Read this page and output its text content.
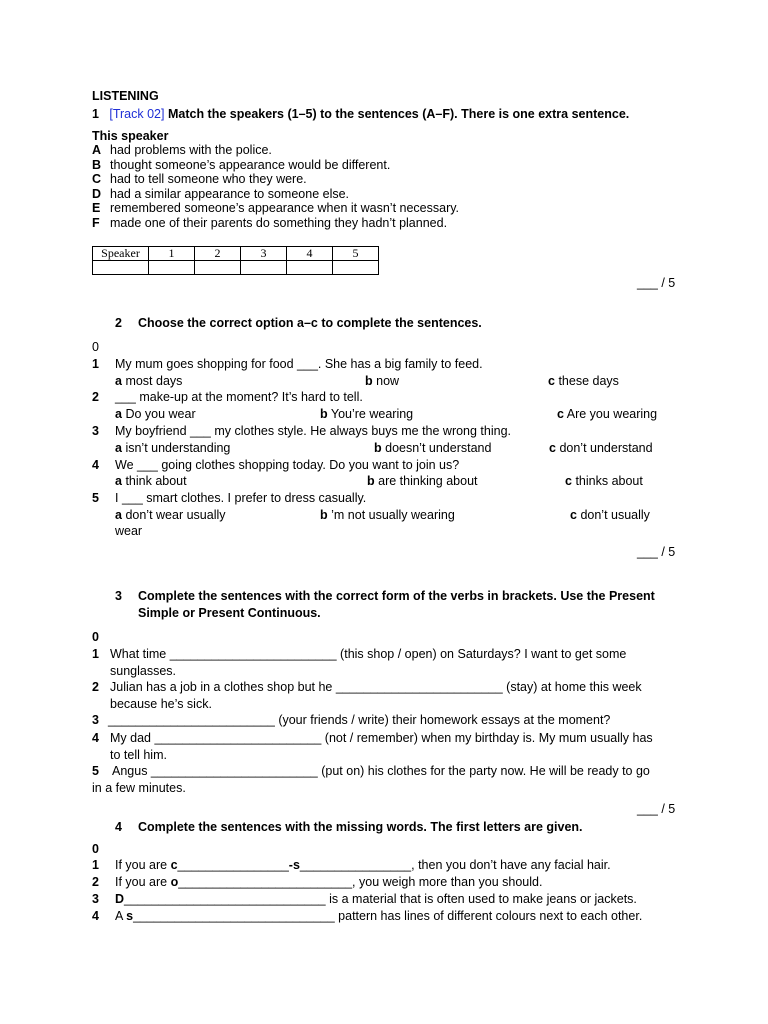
LISTENING
1 [Track 02] Match the speakers (1–5) to the sentences (A–F). There is one extra sentence.
This speaker
A had problems with the police.
B thought someone’s appearance would be different.
C had to tell someone who they were.
D had a similar appearance to someone else.
E remembered someone’s appearance when it wasn’t necessary.
F made one of their parents do something they hadn’t planned.
Speaker	1	2	3	4	5

___ / 5
2 Choose the correct option a–c to complete the sentences.
0
1 My mum goes shopping for food ___. She has a big family to feed.
a most days	b now	c these days
2 ___ make-up at the moment? It’s hard to tell.
a Do you wear	b You’re wearing	c Are you wearing
3 My boyfriend ___ my clothes style. He always buys me the wrong thing.
a isn’t understanding	b doesn’t understand	c don’t understand
4 We ___ going clothes shopping today. Do you want to join us?
a think about	b are thinking about	c thinks about
5 I ___ smart clothes. I prefer to dress casually.
a don’t wear usually	b ’m not usually wearing	c don’t usually
wear
___ / 5
3 Complete the sentences with the correct form of the verbs in brackets. Use the Present
Simple or Present Continuous.
0
1 What time ________________________ (this shop / open) on Saturdays? I want to get some
sunglasses.
2 Julian has a job in a clothes shop but he ________________________ (stay) at home this week
because he’s sick.
3 ________________________ (your friends / write) their homework essays at the moment?
4 My dad ________________________ (not / remember) when my birthday is. My mum usually has
to tell him.
5 Angus ________________________ (put on) his clothes for the party now. He will be ready to go
in a few minutes.
___ / 5
4 Complete the sentences with the missing words. The first letters are given.
0
1 If you are c________________-s________________, then you don’t have any facial hair.
2 If you are o_________________________, you weigh more than you should.
3 D_____________________________ is a material that is often used to make jeans or jackets.
4 A s_____________________________ pattern has lines of different colours next to each other.
